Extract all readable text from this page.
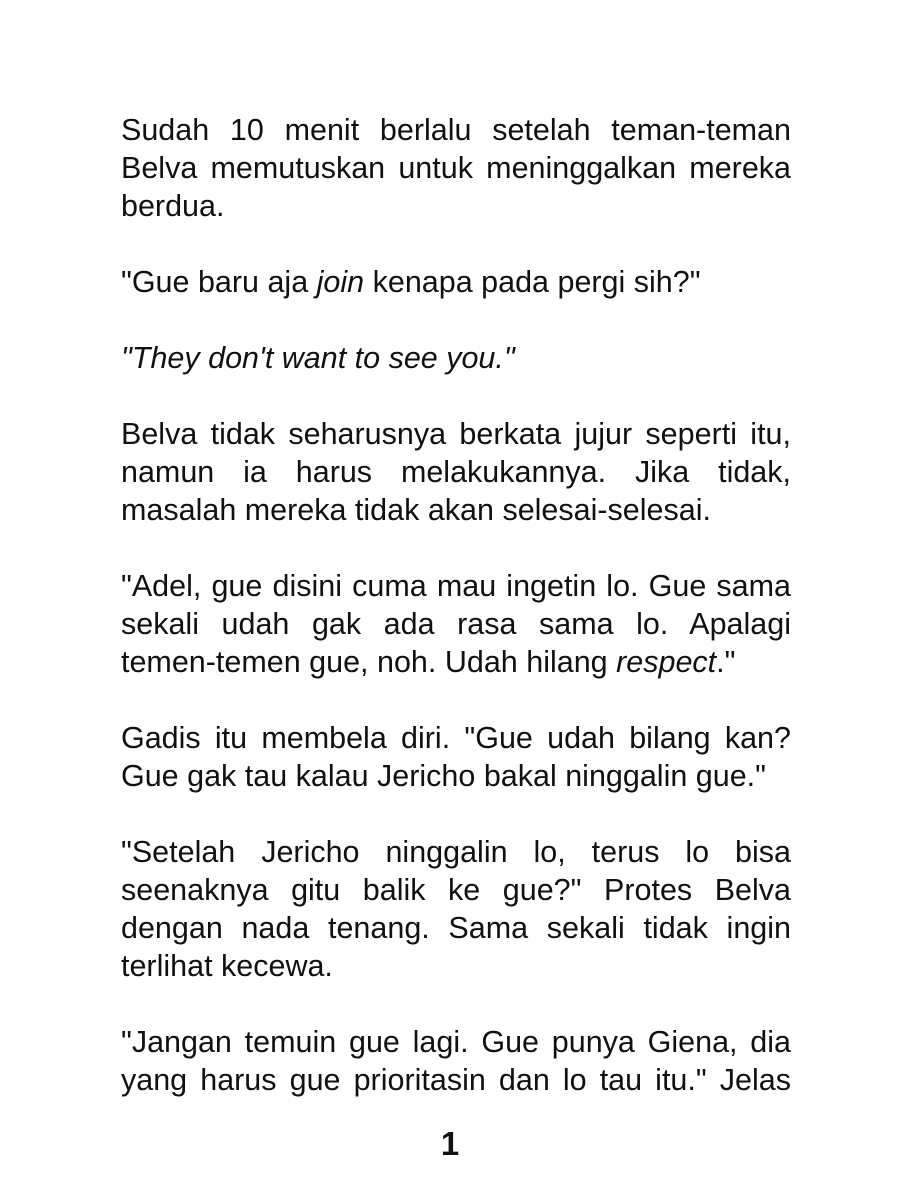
Sudah 10 menit berlalu setelah teman-teman Belva memutuskan untuk meninggalkan mereka berdua.

"Gue baru aja join kenapa pada pergi sih?"

"They don't want to see you."

Belva tidak seharusnya berkata jujur seperti itu, namun ia harus melakukannya. Jika tidak, masalah mereka tidak akan selesai-selesai.

"Adel, gue disini cuma mau ingetin lo. Gue sama sekali udah gak ada rasa sama lo. Apalagi temen-temen gue, noh. Udah hilang respect."

Gadis itu membela diri. "Gue udah bilang kan? Gue gak tau kalau Jericho bakal ninggalin gue."

"Setelah Jericho ninggalin lo, terus lo bisa seenaknya gitu balik ke gue?" Protes Belva dengan nada tenang. Sama sekali tidak ingin terlihat kecewa.

"Jangan temuin gue lagi. Gue punya Giena, dia yang harus gue prioritasin dan lo tau itu." Jelas

1
